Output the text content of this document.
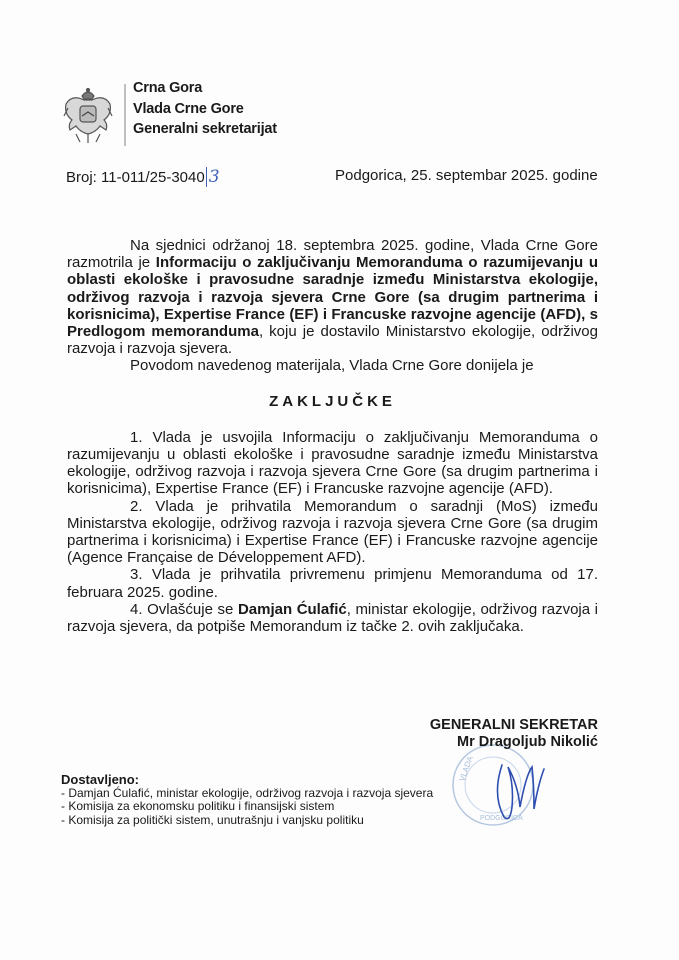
Crna Gora
Vlada Crne Gore
Generalni sekretarijat
Broj: 11-011/25-3040 3	Podgorica, 25. septembar 2025. godine

Na sjednici održanoj 18. septembra 2025. godine, Vlada Crne Gore razmotrila je Informaciju o zaključivanju Memoranduma o razumijevanju u oblasti ekološke i pravosudne saradnje između Ministarstva ekologije, održivog razvoja i razvoja sjevera Crne Gore (sa drugim partnerima i korisnicima), Expertise France (EF) i Francuske razvojne agencije (AFD), s Predlogom memoranduma, koju je dostavilo Ministarstvo ekologije, održivog razvoja i razvoja sjevera.

Povodom navedenog materijala, Vlada Crne Gore donijela je

ZAKLJUČKE

1. Vlada je usvojila Informaciju o zaključivanju Memoranduma o razumijevanju u oblasti ekološke i pravosudne saradnje između Ministarstva ekologije, održivog razvoja i razvoja sjevera Crne Gore (sa drugim partnerima i korisnicima), Expertise France (EF) i Francuske razvojne agencije (AFD).

2. Vlada je prihvatila Memorandum o saradnji (MoS) između Ministarstva ekologije, održivog razvoja i razvoja sjevera Crne Gore (sa drugim partnerima i korisnicima) i Expertise France (EF) i Francuske razvojne agencije (Agence Française de Développement AFD).

3. Vlada je prihvatila privremenu primjenu Memoranduma od 17. februara 2025. godine.

4. Ovlašćuje se Damjan Ćulafić, ministar ekologije, održivog razvoja i razvoja sjevera, da potpiše Memorandum iz tačke 2. ovih zaključaka.

VLADA
PODGORICA
GENERALNI SEKRETAR
Mr Dragoljub Nikolić
Dostavljeno:
- Damjan Ćulafić, ministar ekologije, održivog razvoja i razvoja sjevera
- Komisija za ekonomsku politiku i finansijski sistem
- Komisija za politički sistem, unutrašnju i vanjsku politiku
